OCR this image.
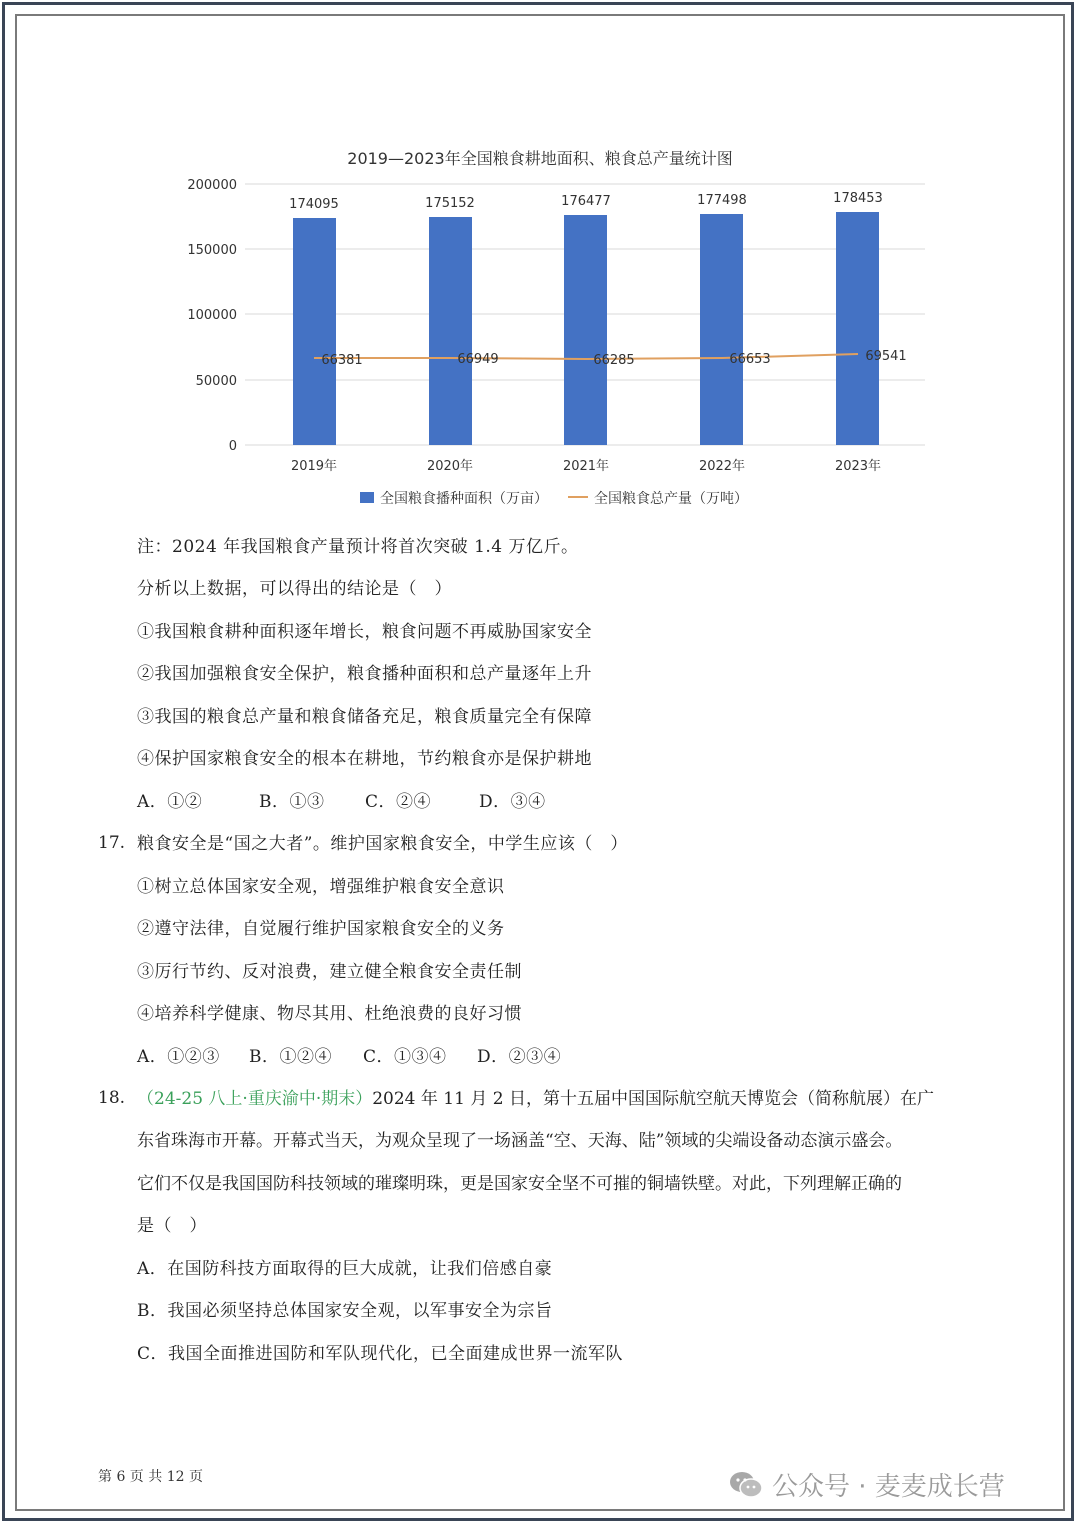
2019—2023年全国粮食耕地面积、粮食总产量统计图
200000
150000
100000
50000
0
174095	175152	176477	177498	178453
66381	66949	66285	66653	69541
2019年	2020年	2021年	2022年	2023年
全国粮食播种面积（万亩）	全国粮食总产量（万吨）
注：2024 年我国粮食产量预计将首次突破 1.4 万亿斤。
分析以上数据，可以得出的结论是（　）
①我国粮食耕种面积逐年增长，粮食问题不再威胁国家安全
②我国加强粮食安全保护，粮食播种面积和总产量逐年上升
③我国的粮食总产量和粮食储备充足，粮食质量完全有保障
④保护国家粮食安全的根本在耕地，节约粮食亦是保护耕地
A．①②	B．①③ C．②④	D．③④
17. 粮食安全是“国之大者”。维护国家粮食安全，中学生应该（　）
①树立总体国家安全观，增强维护粮食安全意识
②遵守法律，自觉履行维护国家粮食安全的义务
③厉行节约、反对浪费，建立健全粮食安全责任制
④培养科学健康、物尽其用、杜绝浪费的良好习惯
A．①②③ B．①②④ C．①③④ D．②③④
18. （24-25 八上·重庆渝中·期末）2024 年 11 月 2 日，第十五届中国国际航空航天博览会（简称航展）在广
东省珠海市开幕。开幕式当天，为观众呈现了一场涵盖“空、天海、陆”领域的尖端设备动态演示盛会。
它们不仅是我国国防科技领域的璀璨明珠，更是国家安全坚不可摧的铜墙铁壁。对此，下列理解正确的
是（　）
A．在国防科技方面取得的巨大成就，让我们倍感自豪
B．我国必须坚持总体国家安全观，以军事安全为宗旨
C．我国全面推进国防和军队现代化，已全面建成世界一流军队
第 6 页 共 12 页	公众号 · 麦麦成长营
